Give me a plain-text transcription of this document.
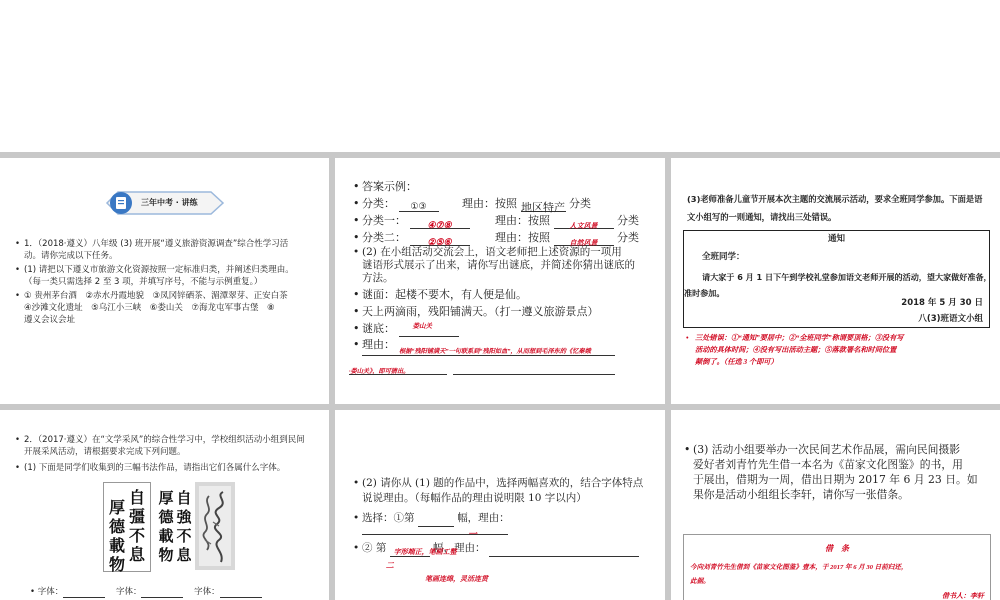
三年中考 · 讲练
• 1．（2018·遵义）八年级 (3) 班开展“遵义旅游资源调查”综合性学习活
动。请你完成以下任务。
• (1) 请把以下遵义市旅游文化资源按照一定标准归类，并阐述归类理由。
（每一类只需选择 2 至 3 项，并填写序号，不能与示例重复。）
• ① 贵州茅台酒　②赤水丹霞地貌　③凤冈锌硒茶、湄潭翠芽、正安白茶
④沙滩文化遗址　⑤乌江小三峡　⑥娄山关　⑦海龙屯军事古堡　⑧
遵义会议会址
• 答案示例：
• 分类： ①③	理由：按照 地区特产 分类
• 分类一： ④⑦⑧	理由：按照	人文风景 分类
• 分类二： ②⑤⑥	理由：按照	自然风景 分类
• (2) 在小组活动交流会上，语文老师把上述资源的一项用
谜语形式展示了出来，请你写出谜底，并简述你猜出谜底的
方法。
• 谜面：起楼不要木，有人便是仙。
• 天上两滴雨，残阳铺满天。（打一遵义旅游景点）
• 谜底：	娄山关
• 理由：
根据“残阳铺满天”一句联系到“残阳如血”，从而想到毛泽东的《忆秦娥
·娄山关》，即可猜出。
(3)老师准备儿童节开展本次主题的交流展示活动，要求全班同学参加。下面是语
文小组写的一则通知，请找出三处错误。
通知
全班同学：
请大家于 6 月 1 日下午到学校礼堂参加语文老师开展的活动，望大家做好准备，
准时参加。
2018 年 5 月 30 日
八(3)班语文小组
• 三处错误：①“通知”要居中；②“全班同学”称谓要顶格；③没有写
活动的具体时间；④没有写出活动主题；⑤落款署名和时间位置
颠倒了。（任选 3 个即可）
• 2．（2017·遵义）在“文学采风”的综合性学习中，学校组织活动小组到民间
开展采风活动，请根据要求完成下列问题。
• (1) 下面是同学们收集到的三幅书法作品，请指出它们各属什么字体。
自
彊
不
息
厚
德
載
物
自
強
不
息
厚
德
載
物
• 字体：	字体：	字体：
• (2) 请你从 (1) 题的作品中，选择两幅喜欢的，结合字体特点
说说理由。（每幅作品的理由说明限 10 字以内）
• 选择：①第
一
幅，理由：
• ② 第 字形端正，笔画工整
二
幅，理由：
笔画连绵，灵活连贯
• (3) 活动小组要举办一次民间艺术作品展，需向民间摄影
爱好者刘青竹先生借一本名为《苗家文化图鉴》的书，用
于展出，借期为一周，借出日期为 2017 年 6 月 23 日。如
果你是活动小组组长李轩，请你写一张借条。
借　条
今向刘青竹先生借到《苗家文化图鉴》壹本，于 2017 年 6 月 30 日前归还，
此据。
借书人：李轩
